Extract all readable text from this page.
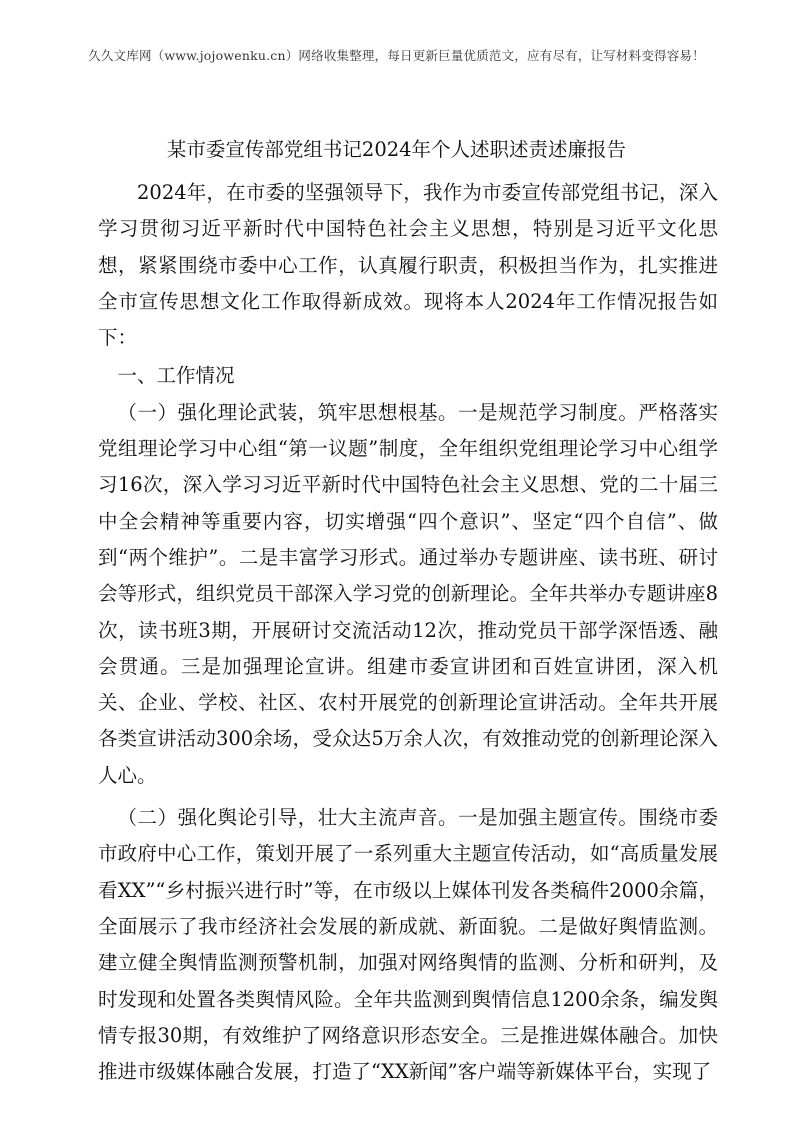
久久文库网（www.jojowenku.cn）网络收集整理，每日更新巨量优质范文，应有尽有，让写材料变得容易！
某市委宣传部党组书记2024年个人述职述责述廉报告

2024年，在市委的坚强领导下，我作为市委宣传部党组书记，深入学习贯彻习近平新时代中国特色社会主义思想，特别是习近平文化思想，紧紧围绕市委中心工作，认真履行职责，积极担当作为，扎实推进全市宣传思想文化工作取得新成效。现将本人2024年工作情况报告如下：

一、工作情况

（一）强化理论武装，筑牢思想根基。一是规范学习制度。严格落实党组理论学习中心组“第一议题”制度，全年组织党组理论学习中心组学习16次，深入学习习近平新时代中国特色社会主义思想、党的二十届三中全会精神等重要内容，切实增强“四个意识”、坚定“四个自信”、做到“两个维护”。二是丰富学习形式。通过举办专题讲座、读书班、研讨会等形式，组织党员干部深入学习党的创新理论。全年共举办专题讲座8次，读书班3期，开展研讨交流活动12次，推动党员干部学深悟透、融会贯通。三是加强理论宣讲。组建市委宣讲团和百姓宣讲团，深入机关、企业、学校、社区、农村开展党的创新理论宣讲活动。全年共开展各类宣讲活动300余场，受众达5万余人次，有效推动党的创新理论深入人心。

（二）强化舆论引导，壮大主流声音。一是加强主题宣传。围绕市委市政府中心工作，策划开展了一系列重大主题宣传活动，如“高质量发展看XX”“乡村振兴进行时”等，在市级以上媒体刊发各类稿件2000余篇，全面展示了我市经济社会发展的新成就、新面貌。二是做好舆情监测。建立健全舆情监测预警机制，加强对网络舆情的监测、分析和研判，及时发现和处置各类舆情风险。全年共监测到舆情信息1200余条，编发舆情专报30期，有效维护了网络意识形态安全。三是推进媒体融合。加快推进市级媒体融合发展，打造了“XX新闻”客户端等新媒体平台，实现了
